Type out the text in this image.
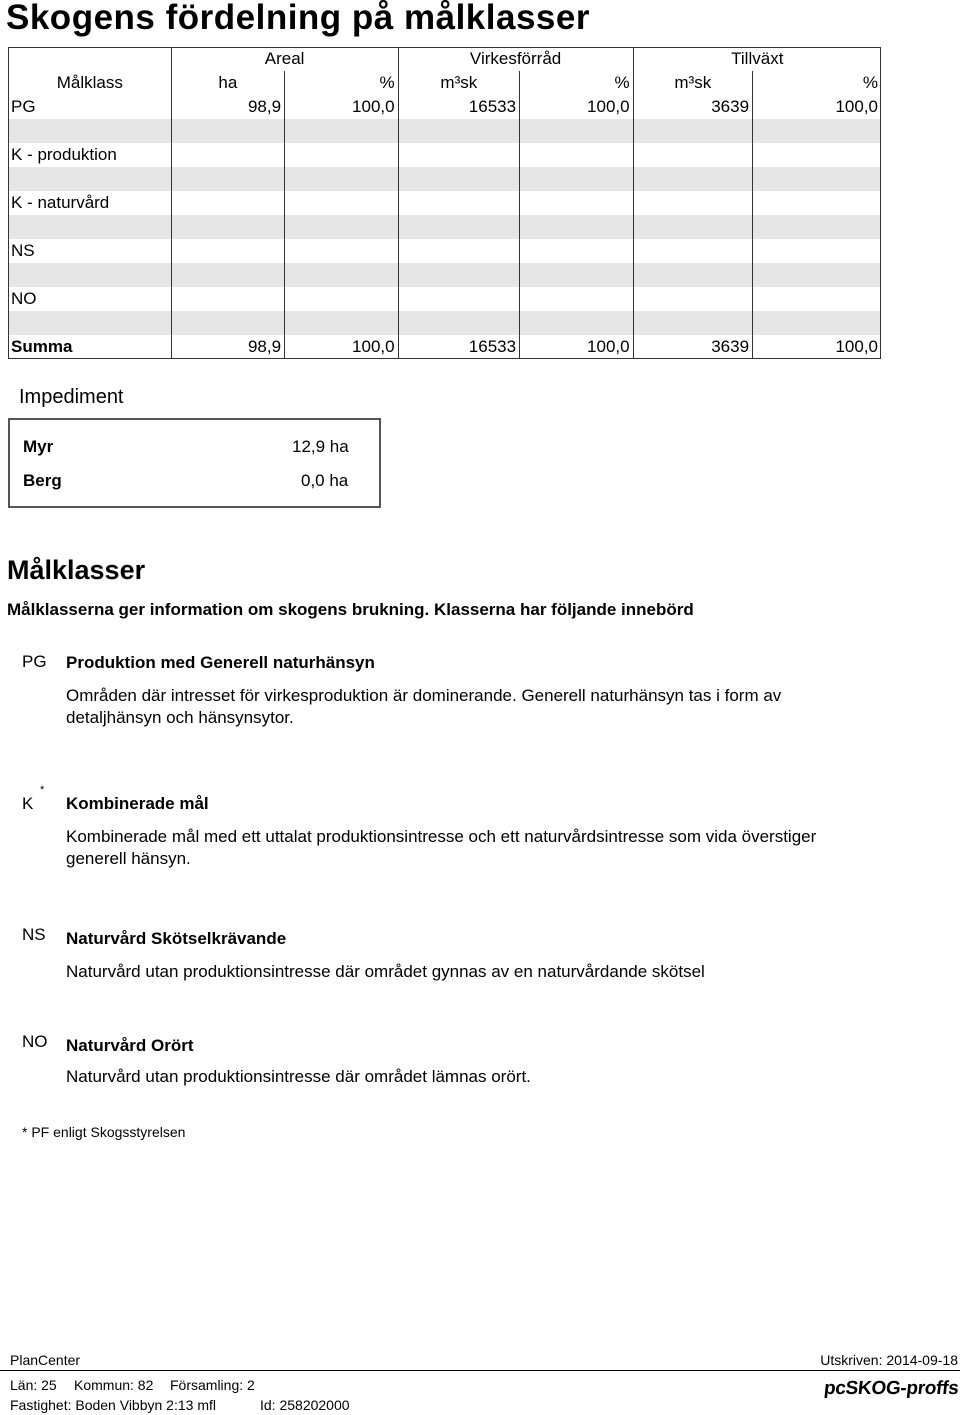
Skogens fördelning på målklasser
	Areal		Virkesförråd		Tillväxt	
Målklass	ha	%	m³sk	%	m³sk	%
PG	98,9	100,0	16533	100,0	3639	100,0

K - produktion						

K - naturvård						

NS						

NO						

Summa	98,9	100,0	16533	100,0	3639	100,0
Impediment
Myr	12,9 ha
Berg	0,0 ha
Målklasser
Målklasserna ger information om skogens brukning. Klasserna har följande innebörd
PG Produktion med Generell naturhänsyn
Områden där intresset för virkesproduktion är dominerande. Generell naturhänsyn tas i form av
detaljhänsyn och hänsynsytor.
K
*
Kombinerade mål
Kombinerade mål med ett uttalat produktionsintresse och ett naturvårdsintresse som vida överstiger
generell hänsyn.
NS Naturvård Skötselkrävande
Naturvård utan produktionsintresse där området gynnas av en naturvårdande skötsel
NO Naturvård Orört
Naturvård utan produktionsintresse där området lämnas orört.
* PF enligt Skogsstyrelsen
PlanCenter	Utskriven: 2014-09-18
Län: 25 Kommun: 82 Församling: 2
Fastighet: Boden Vibbyn 2:13 mfl	Id: 258202000
pcSKOG-proffs
